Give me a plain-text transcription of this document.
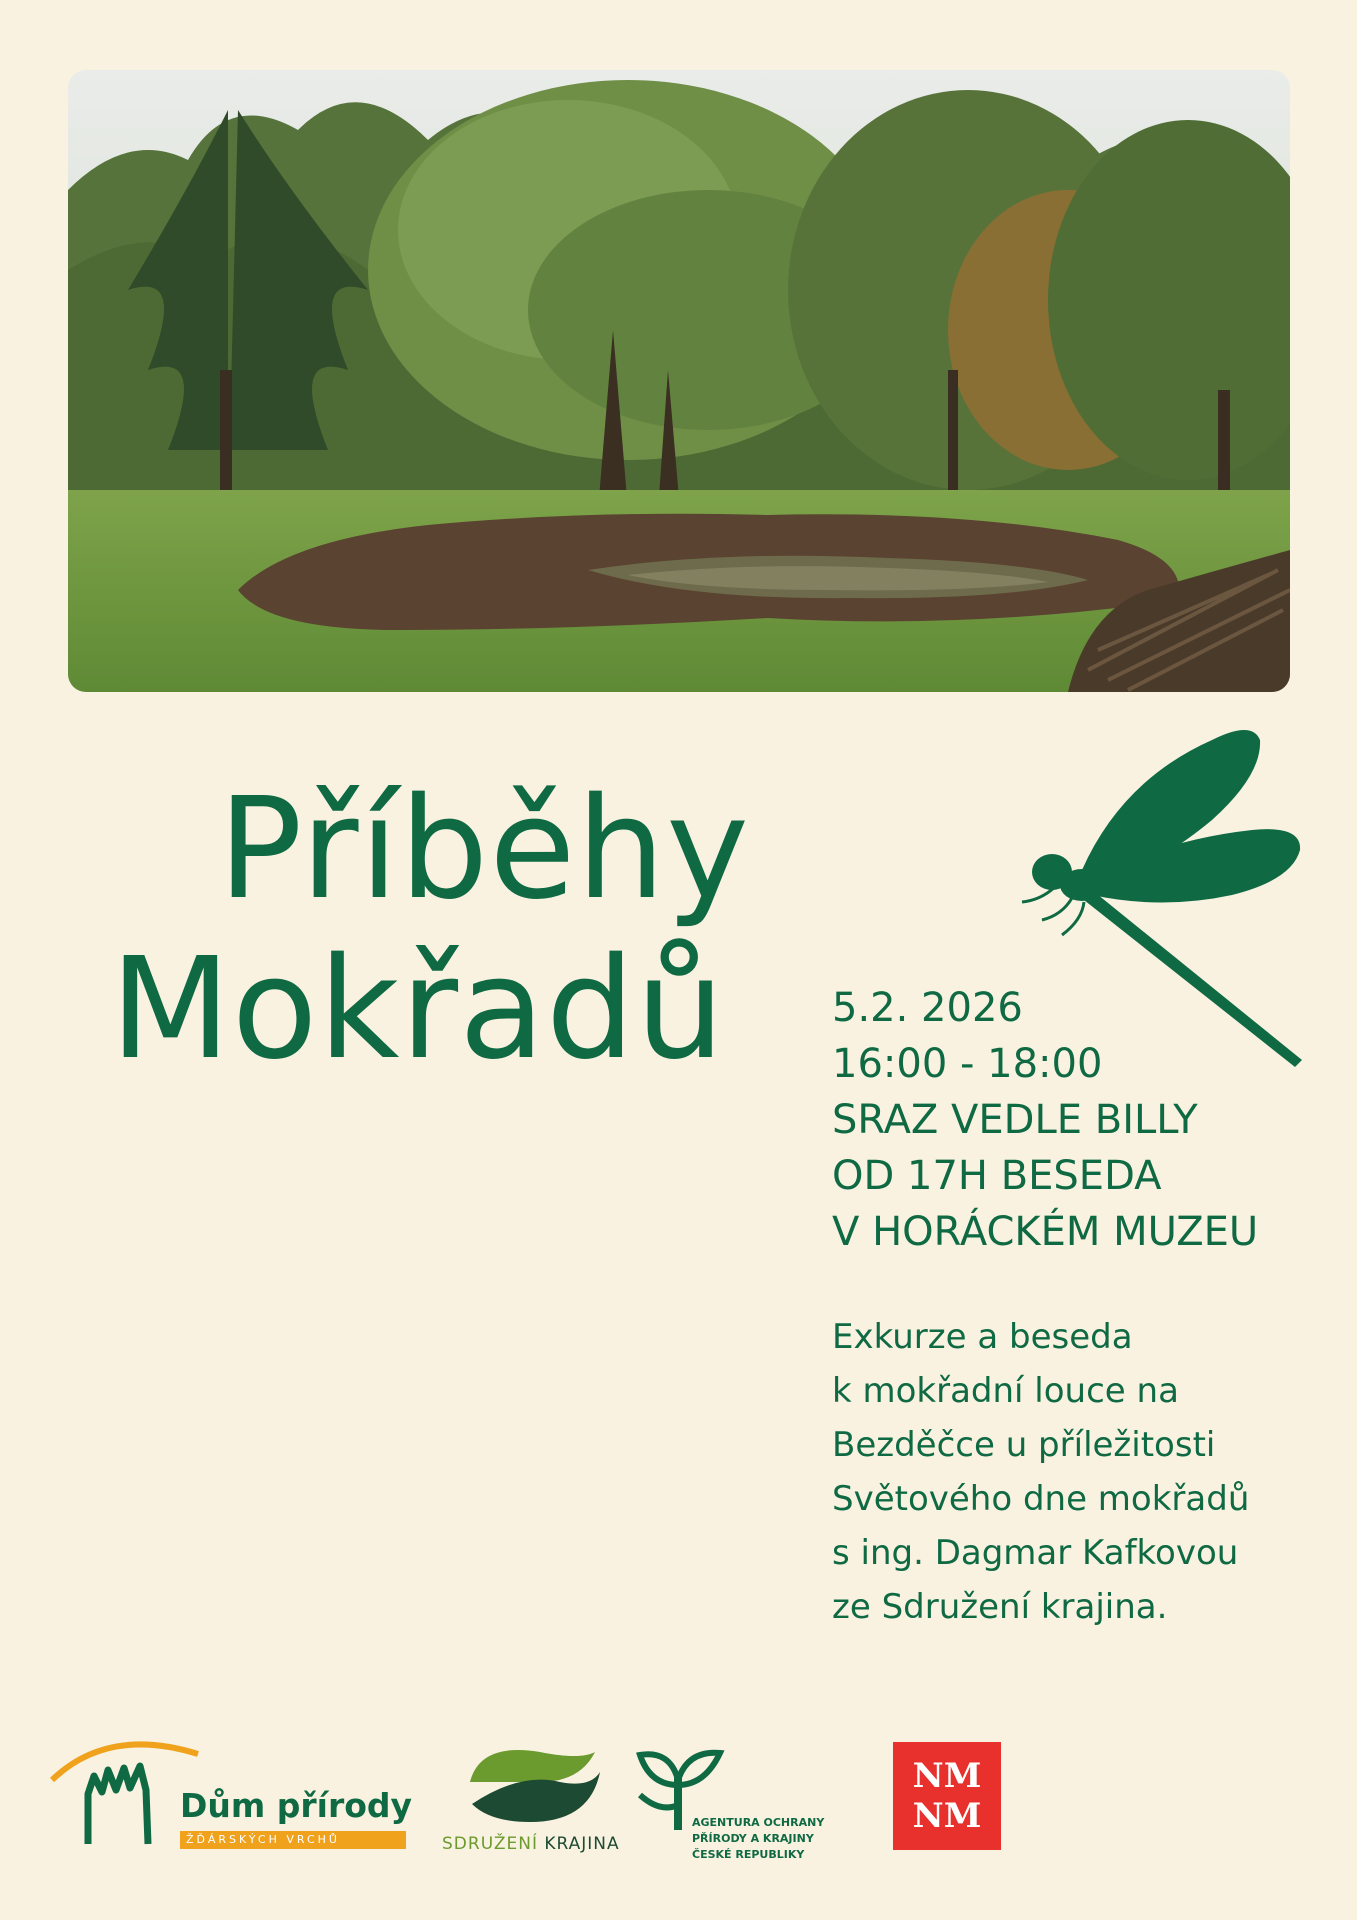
Příběhy
Mokřadů	5.2. 2026
16:00 - 18:00
SRAZ VEDLE BILLY
OD 17H BESEDA
V HORÁCKÉM MUZEU
Exkurze a beseda
k mokřadní louce na
Bezděčce u příležitosti
Světového dne mokřadů
s ing. Dagmar Kafkovou
ze Sdružení krajina.
Dům přírody
ŽĎÁRSKÝCH VRCHŮ	SDRUŽENÍ KRAJINA
AGENTURA OCHRANY
PŘÍRODY A KRAJINY
ČESKÉ REPUBLIKY
NM
NM
